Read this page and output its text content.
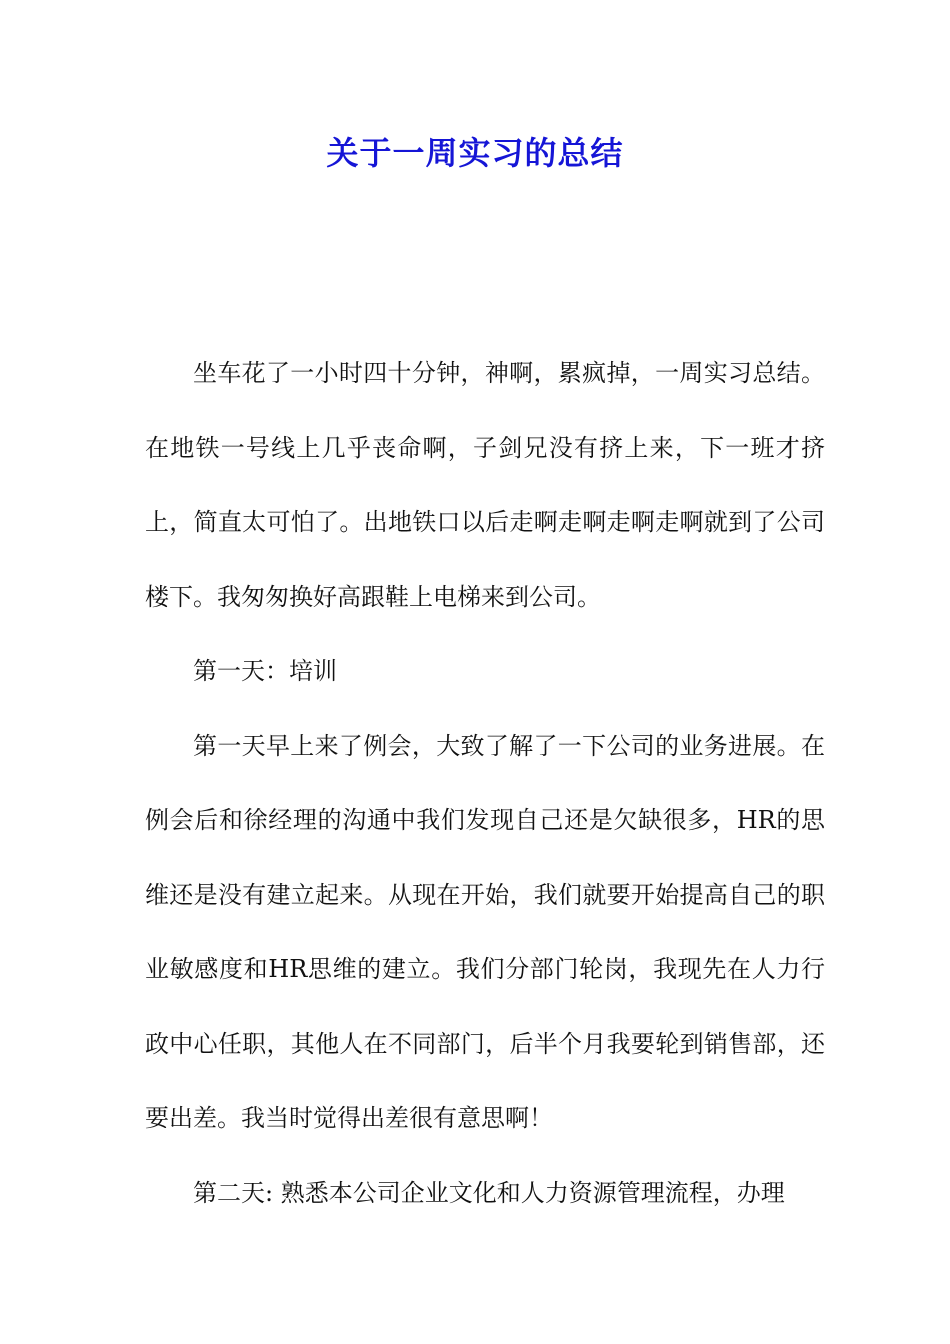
关于一周实习的总结

坐车花了一小时四十分钟，神啊，累疯掉，一周实习总结。在地铁一号线上几乎丧命啊，子剑兄没有挤上来，下一班才挤上，简直太可怕了。出地铁口以后走啊走啊走啊走啊就到了公司楼下。我匆匆换好高跟鞋上电梯来到公司。

第一天：培训

第一天早上来了例会，大致了解了一下公司的业务进展。在例会后和徐经理的沟通中我们发现自己还是欠缺很多，HR的思维还是没有建立起来。从现在开始，我们就要开始提高自己的职业敏感度和HR思维的建立。我们分部门轮岗，我现先在人力行政中心任职，其他人在不同部门，后半个月我要轮到销售部，还要出差。我当时觉得出差很有意思啊！

第二天: 熟悉本公司企业文化和人力资源管理流程，办理
